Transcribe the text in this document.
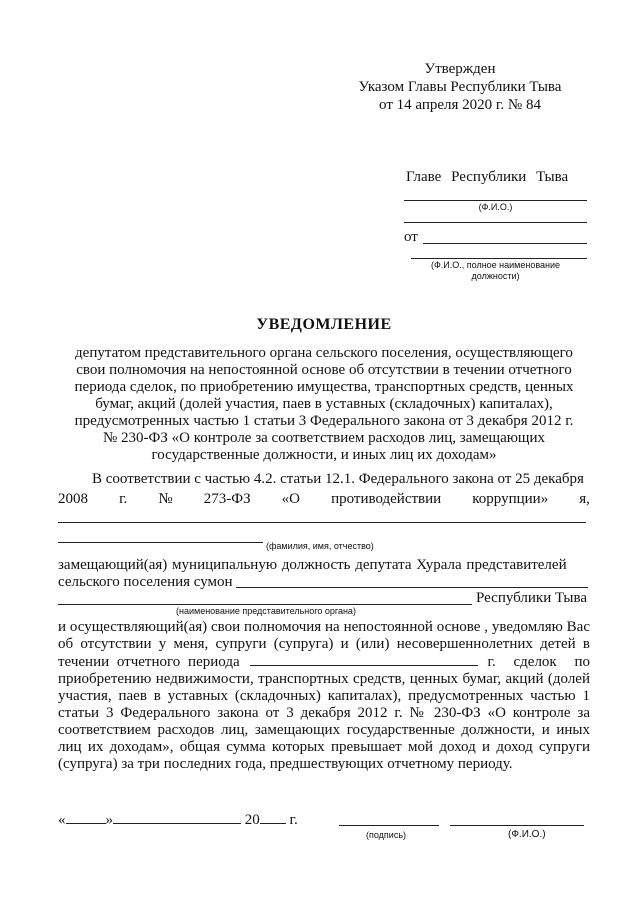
Утвержден
Указом Главы Республики Тыва
от 14 апреля 2020 г. № 84
Главе Республики Тыва
(Ф.И.О.)
от
(Ф.И.О., полное наименование
должности)
УВЕДОМЛЕНИЕ
депутатом представительного органа сельского поселения, осуществляющего
свои полномочия на непостоянной основе об отсутствии в течении отчетного
периода сделок, по приобретению имущества, транспортных средств, ценных
бумаг, акций (долей участия, паев в уставных (складочных) капиталах),
предусмотренных частью 1 статьи 3 Федерального закона от 3 декабря 2012 г.
№ 230-ФЗ «О контроле за соответствием расходов лиц, замещающих
государственные должности, и иных лиц их доходам»
В соответствии с частью 4.2. статьи 12.1. Федерального закона от 25 декабря
2008 г. № 273-ФЗ «О противодействии коррупции» я,
(фамилия, имя, отчество)
замещающий(ая) муниципальную должность депутата Хурала представителей
сельского поселения сумон
Республики Тыва
(наименование представительного органа)
и осуществляющий(ая) свои полномочия на непостоянной основе , уведомляю Вас
об отсутствии у меня, супруги (супруга) и (или) несовершеннолетних детей в
течении отчетного периода	г. сделок по
приобретению недвижимости, транспортных средств, ценных бумаг, акций (долей
участия, паев в уставных (складочных) капиталах), предусмотренных частью 1
статьи 3 Федерального закона от 3 декабря 2012 г. № 230-ФЗ «О контроле за
соответствием расходов лиц, замещающих государственные должности, и иных
лиц их доходам», общая сумма которых превышает мой доход и доход супруги
(супруга) за три последних года, предшествующих отчетному периоду.
«	»	20 г.
(подпись)	(Ф.И.О.)
